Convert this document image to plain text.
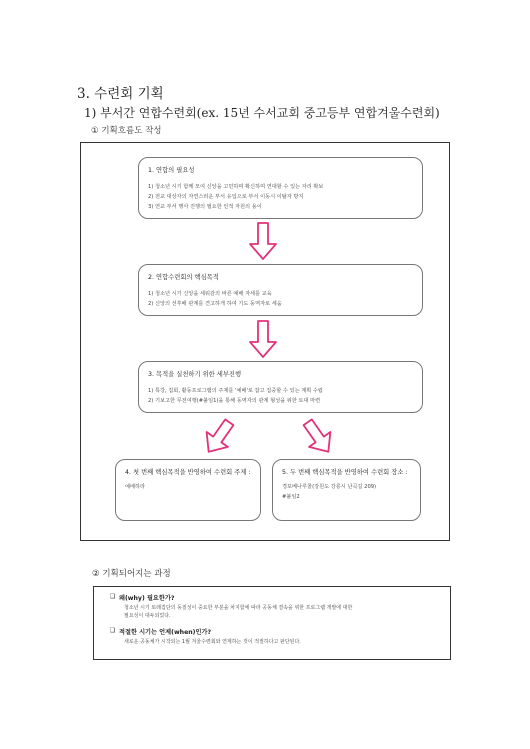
3. 수련회 기획
1) 부서간 연합수련회(ex. 15년 수서교회 중고등부 연합겨울수련회)
① 기획흐름도 작성
1. 연합의 필요성
1) 청소년 시기 함께 모여 신앙을 고민하며 확신하며 연대할 수 있는 자리 확보
2) 전교 대상자의 자연스러운 부서 유입으로 부서 이동시 이탈자 방지
3) 연교 부서 행사 진행의 필요한 인적 자원의 용이
2. 연합수련회의 핵심목적
1) 청소년 시기 신앙을 세워감의 바른 예배 자세를 교육
2) 신앙의 선후배 관계를 견고하게 하여 기도 동역자로 세움
3. 목적을 실천하기 위한 세부진행
1) 특강, 집회, 활동프로그램의 주제를 '예배'로 잡고 집중할 수 있는 계획 수립
2) 기보고한 무전여행(#붙임1)을 통해 동역자의 관계 형성을 위한 토대 마련
4. 첫 번째 핵심목적을 반영하여 수련회 주제 :
예배하라
5. 두 번째 핵심목적을 반영하여 수련회 장소 :
경포베나루콜(강원도 강릉시 난곡길 209)
#붙임2
② 기획되어지는 과정
❑ 왜(why) 필요한가?
청소년 시기 또래집단의 동질성이 중요한 부분을 차지함에 따라 공동체 결속을 위한 프로그램 개발에 대한
필요성이 대두되었다.
❑ 적절한 시기는 언제(when)인가?
새로운 공동체가 시작되는 1월 겨울수련회와 연계하는 것이 적절하다고 판단된다.
